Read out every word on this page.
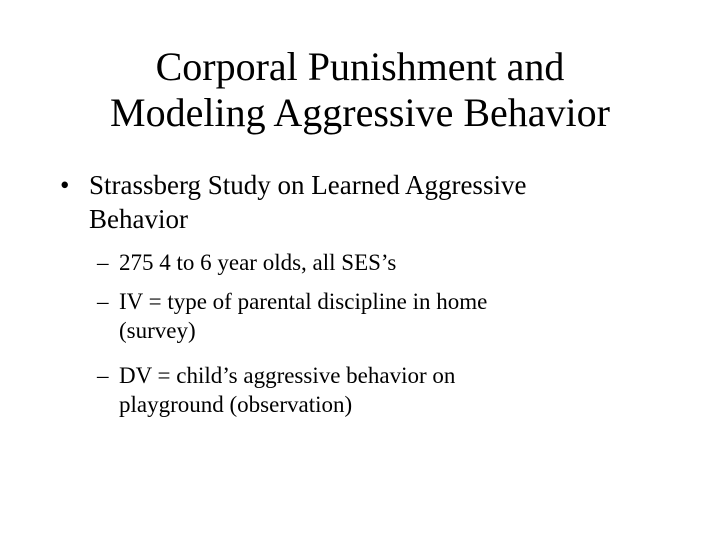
Corporal Punishment and
Modeling Aggressive Behavior
• Strassberg Study on Learned Aggressive
Behavior
– 275 4 to 6 year olds, all SES’s
– IV = type of parental discipline in home
(survey)
– DV = child’s aggressive behavior on
playground (observation)
